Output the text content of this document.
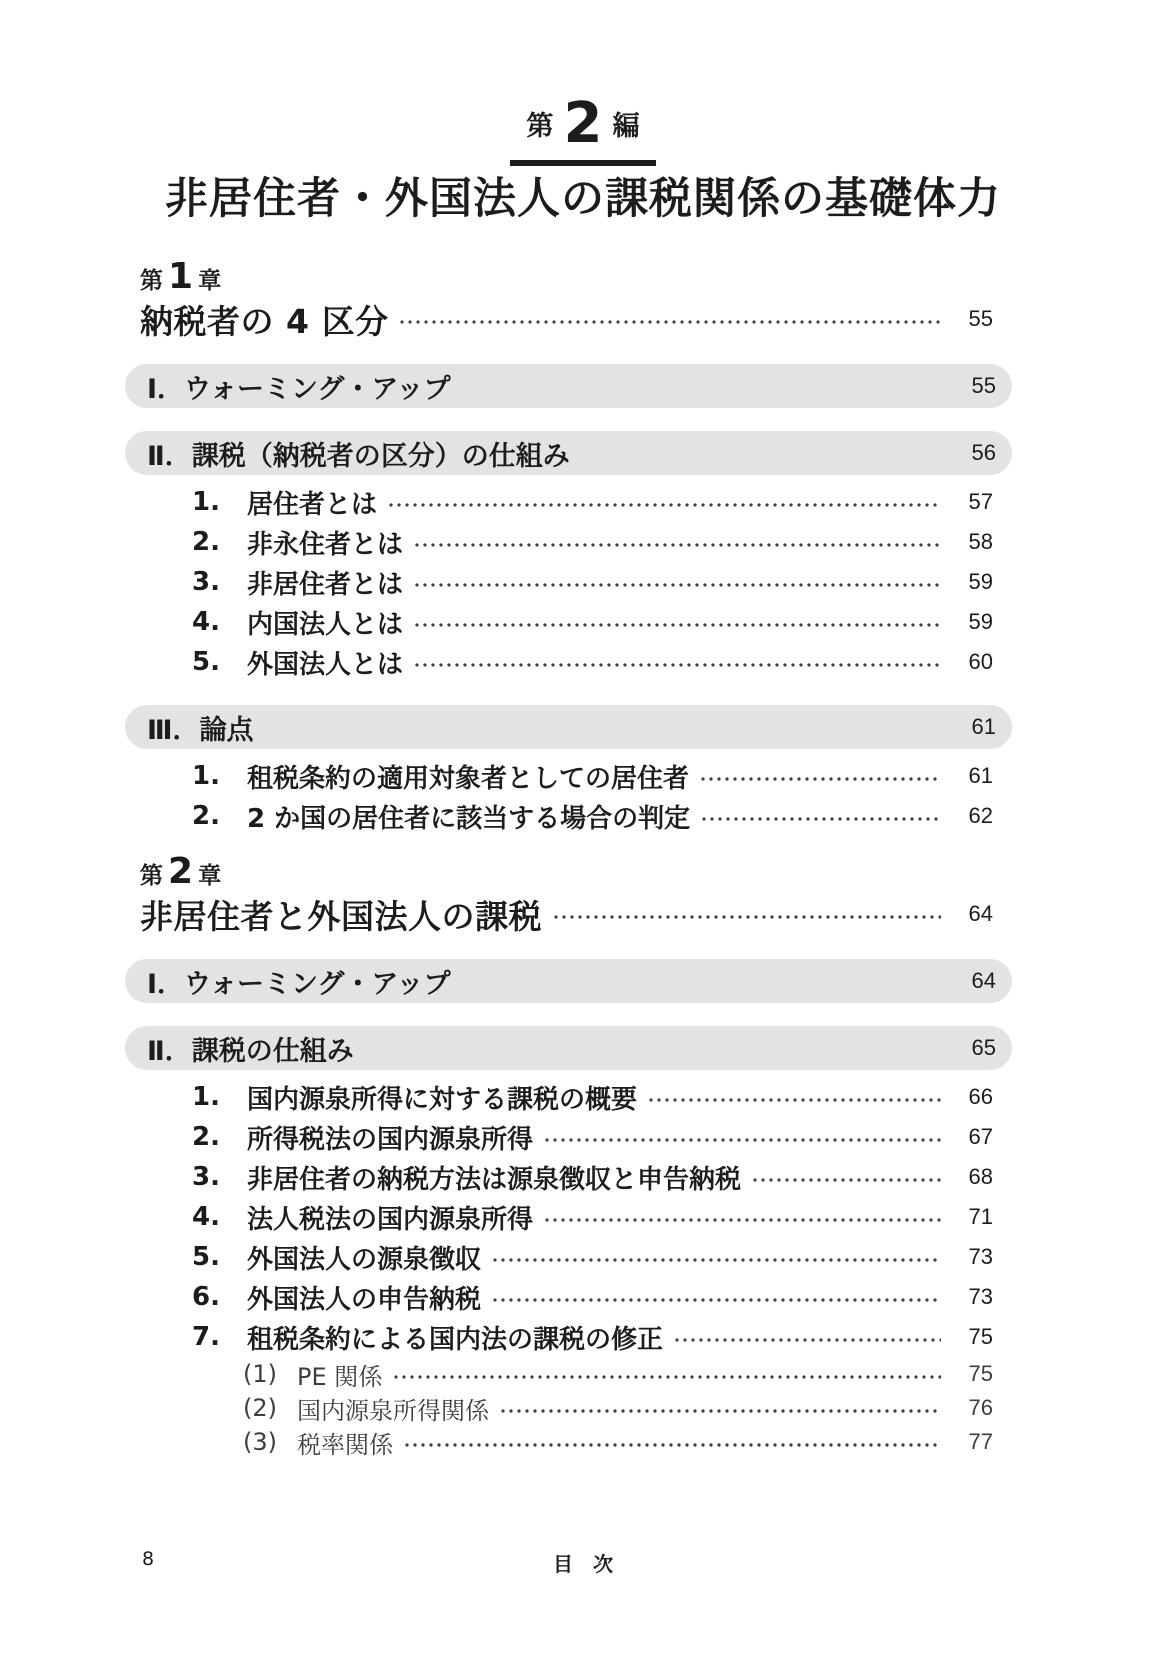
第 2 編
非居住者・外国法人の課税関係の基礎体力
第 1 章
納税者の 4 区分	55
Ⅰ． ウォーミング・アップ	55
Ⅱ． 課税（納税者の区分）の仕組み	56
1.	居住者とは	57
2.	非永住者とは	58
3.	非居住者とは	59
4.	内国法人とは	59
5.	外国法人とは	60
Ⅲ． 論点	61
1.	租税条約の適用対象者としての居住者	61
2.	2 か国の居住者に該当する場合の判定	62
第 2 章
非居住者と外国法人の課税	64
Ⅰ． ウォーミング・アップ	64
Ⅱ． 課税の仕組み	65
1.	国内源泉所得に対する課税の概要	66
2.	所得税法の国内源泉所得	67
3.	非居住者の納税方法は源泉徴収と申告納税	68
4.	法人税法の国内源泉所得	71
5.	外国法人の源泉徴収	73
6.	外国法人の申告納税	73
7.	租税条約による国内法の課税の修正	75
(1) PE 関係	75
(2) 国内源泉所得関係	76
(3) 税率関係	77
8	目　次
